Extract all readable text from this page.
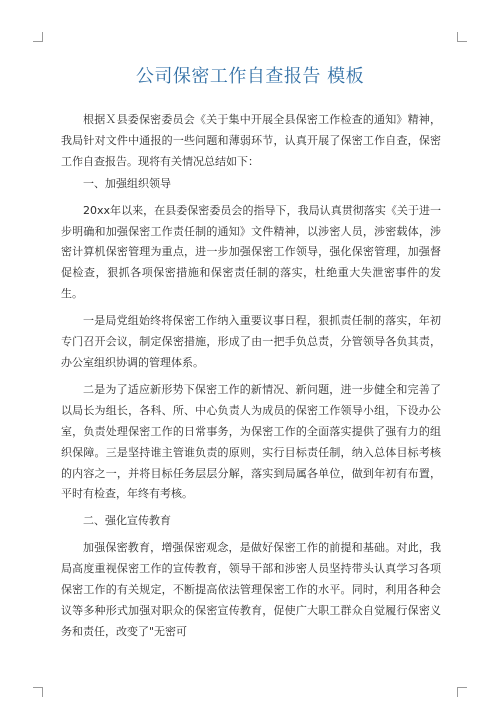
公司保密工作自查报告 模板

根据Ｘ县委保密委员会《关于集中开展全县保密工作检查的通知》精神，我局针对文件中通报的一些问题和薄弱环节，认真开展了保密工作自查，保密工作自查报告。现将有关情况总结如下：

一、加强组织领导

20xx年以来，在县委保密委员会的指导下，我局认真贯彻落实《关于进一步明确和加强保密工作责任制的通知》文件精神，以涉密人员，涉密载体，涉密计算机保密管理为重点，进一步加强保密工作领导，强化保密管理，加强督促检查，狠抓各项保密措施和保密责任制的落实，杜绝重大失泄密事件的发生。

一是局党组始终将保密工作纳入重要议事日程，狠抓责任制的落实，年初专门召开会议，制定保密措施，形成了由一把手负总责，分管领导各负其责，办公室组织协调的管理体系。

二是为了适应新形势下保密工作的新情况、新问题，进一步健全和完善了以局长为组长，各科、所、中心负责人为成员的保密工作领导小组，下设办公室，负责处理保密工作的日常事务，为保密工作的全面落实提供了强有力的组织保障。三是坚持谁主管谁负责的原则，实行目标责任制，纳入总体目标考核的内容之一，并将目标任务层层分解，落实到局属各单位，做到年初有布置，平时有检查，年终有考核。

二、强化宣传教育

加强保密教育，增强保密观念，是做好保密工作的前提和基础。对此，我局高度重视保密工作的宣传教育，领导干部和涉密人员坚持带头认真学习各项保密工作的有关规定，不断提高依法管理保密工作的水平。同时，利用各种会议等多种形式加强对职众的保密宣传教育，促使广大职工群众自觉履行保密义务和责任，改变了"无密可
